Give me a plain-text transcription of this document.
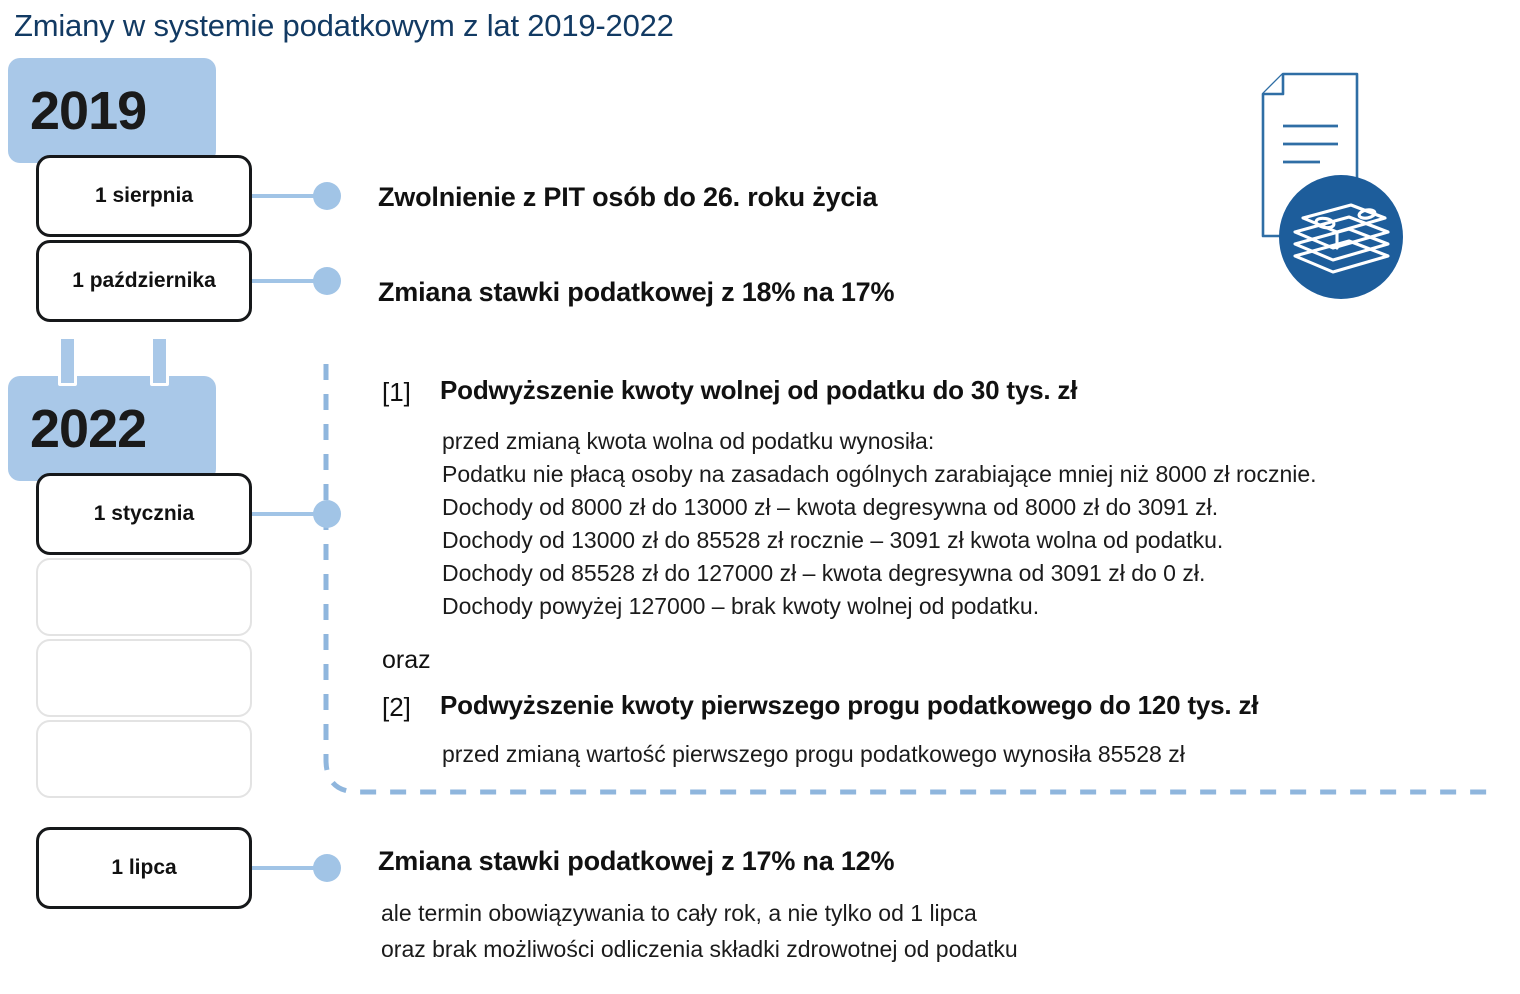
Zmiany w systemie podatkowym z lat 2019-2022
2019
1 sierpnia
1 października
2022
1 stycznia
1 lipca
Zwolnienie z PIT osób do 26. roku życia
Zmiana stawki podatkowej z 18% na 17%
[1] Podwyższenie kwoty wolnej od podatku do 30 tys. zł
przed zmianą kwota wolna od podatku wynosiła:
Podatku nie płacą osoby na zasadach ogólnych zarabiające mniej niż 8000 zł rocznie.
Dochody od 8000 zł do 13000 zł – kwota degresywna od 8000 zł do 3091 zł.
Dochody od 13000 zł do 85528 zł rocznie – 3091 zł kwota wolna od podatku.
Dochody od 85528 zł do 127000 zł – kwota degresywna od 3091 zł do 0 zł.
Dochody powyżej 127000 – brak kwoty wolnej od podatku.
oraz
[2] Podwyższenie kwoty pierwszego progu podatkowego do 120 tys. zł
przed zmianą wartość pierwszego progu podatkowego wynosiła 85528 zł
Zmiana stawki podatkowej z 17% na 12%
ale termin obowiązywania to cały rok, a nie tylko od 1 lipca
oraz brak możliwości odliczenia składki zdrowotnej od podatku
